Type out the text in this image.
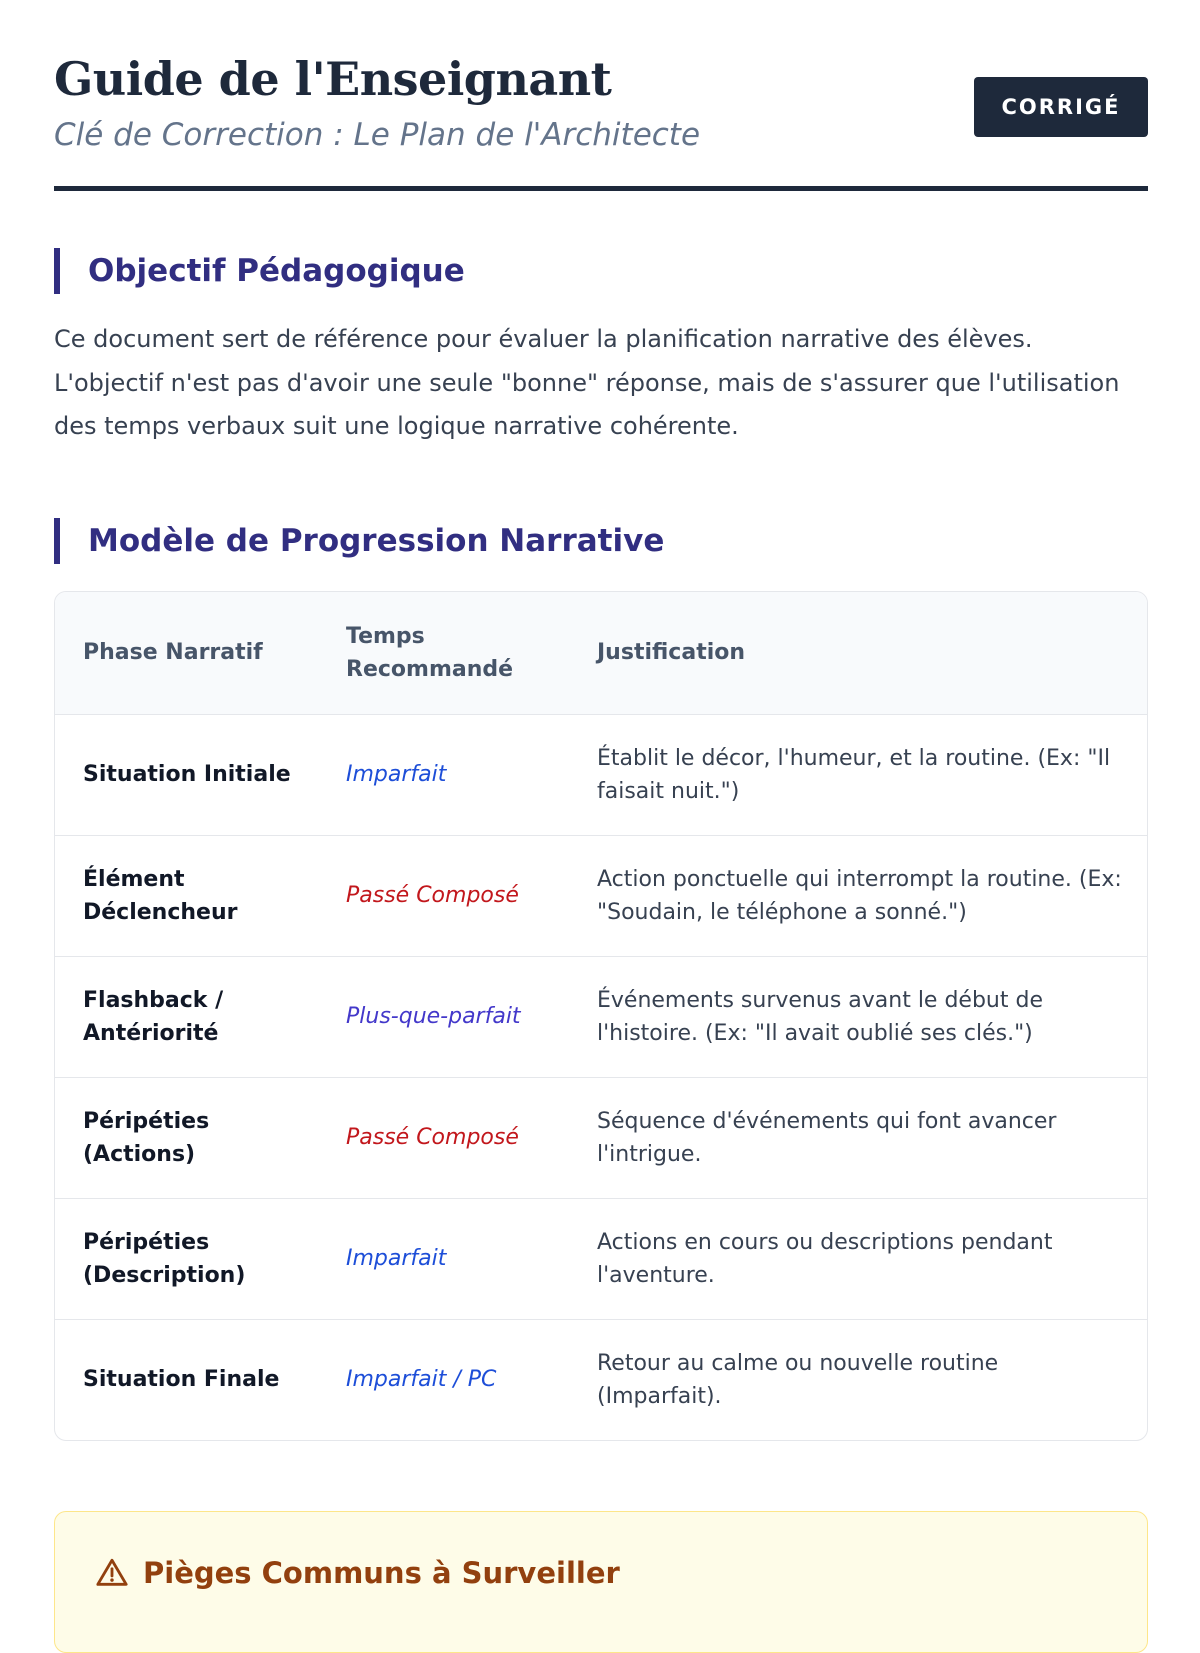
Guide de l'Enseignant

Clé de Correction : Le Plan de l'Architecte

CORRIGÉ
Objectif Pédagogique

Ce document sert de référence pour évaluer la planification narrative des élèves. L'objectif n'est pas d'avoir une seule "bonne" réponse, mais de s'assurer que l'utilisation des temps verbaux suit une logique narrative cohérente.

Modèle de Progression Narrative
Phase Narratif	Temps Recommandé	Justification
Situation Initiale	Imparfait	Établit le décor, l'humeur, et la routine. (Ex: "Il faisait nuit.")
Élément Déclencheur	Passé Composé	Action ponctuelle qui interrompt la routine. (Ex: "Soudain, le téléphone a sonné.")
Flashback / Antériorité	Plus-que-parfait	Événements survenus avant le début de l'histoire. (Ex: "Il avait oublié ses clés.")
Péripéties (Actions)	Passé Composé	Séquence d'événements qui font avancer l'intrigue.
Péripéties (Description)	Imparfait	Actions en cours ou descriptions pendant l'aventure.
Situation Finale	Imparfait / PC	Retour au calme ou nouvelle routine (Imparfait).
Pièges Communs à Surveiller
